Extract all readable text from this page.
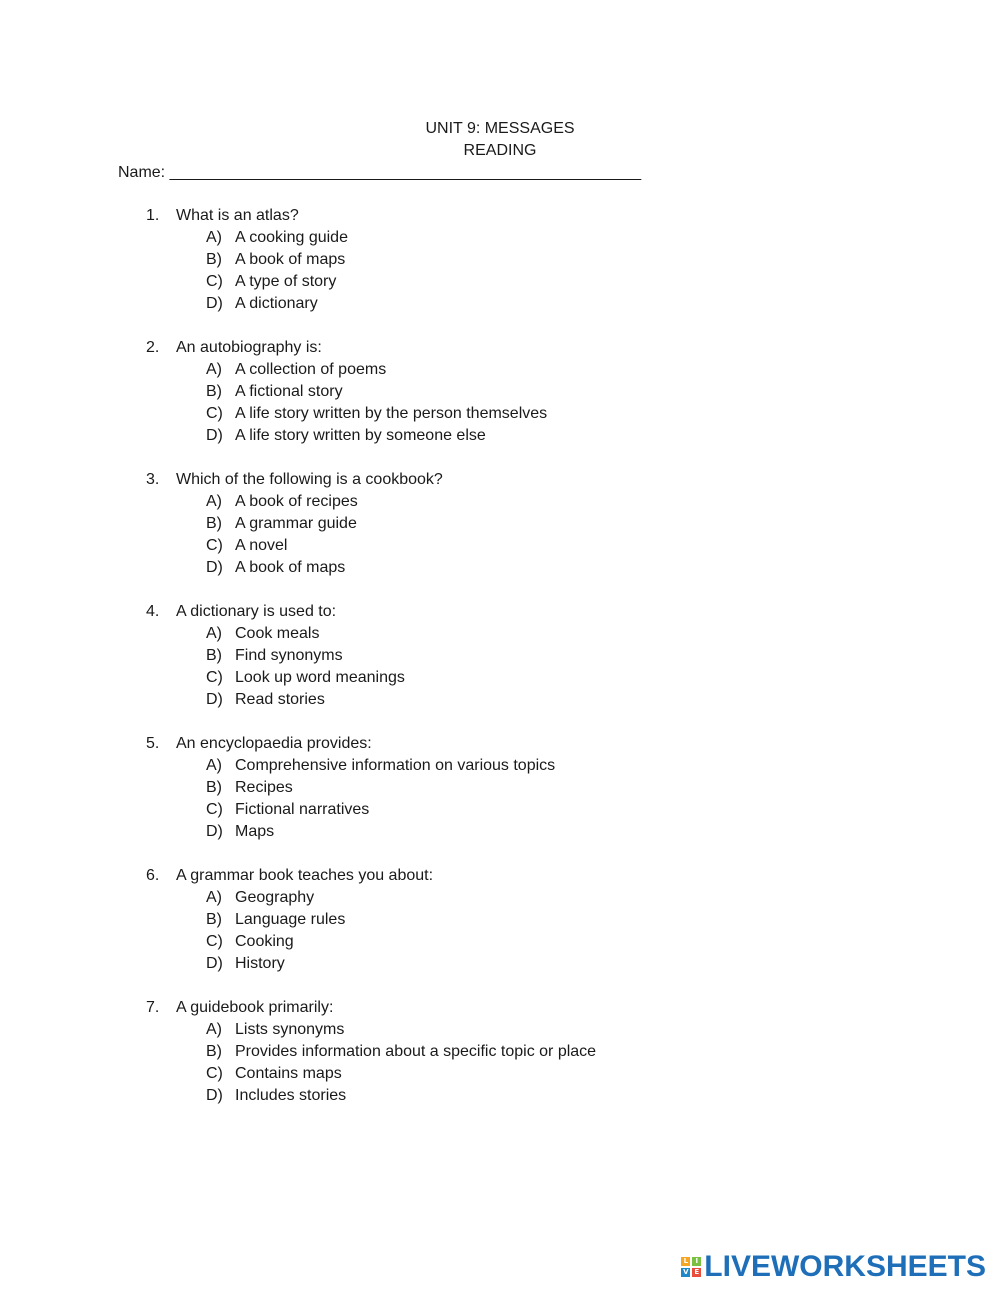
UNIT 9: MESSAGES
READING
Name: _____________________________________________________
1. What is an atlas?
A) A cooking guide
B) A book of maps
C) A type of story
D) A dictionary
2. An autobiography is:
A) A collection of poems
B) A fictional story
C) A life story written by the person themselves
D) A life story written by someone else
3. Which of the following is a cookbook?
A) A book of recipes
B) A grammar guide
C) A novel
D) A book of maps
4. A dictionary is used to:
A) Cook meals
B) Find synonyms
C) Look up word meanings
D) Read stories
5. An encyclopaedia provides:
A) Comprehensive information on various topics
B) Recipes
C) Fictional narratives
D) Maps
6. A grammar book teaches you about:
A) Geography
B) Language rules
C) Cooking
D) History
7. A guidebook primarily:
A) Lists synonyms
B) Provides information about a specific topic or place
C) Contains maps
D) Includes stories
L	I
V E LIVEWORKSHEETS
